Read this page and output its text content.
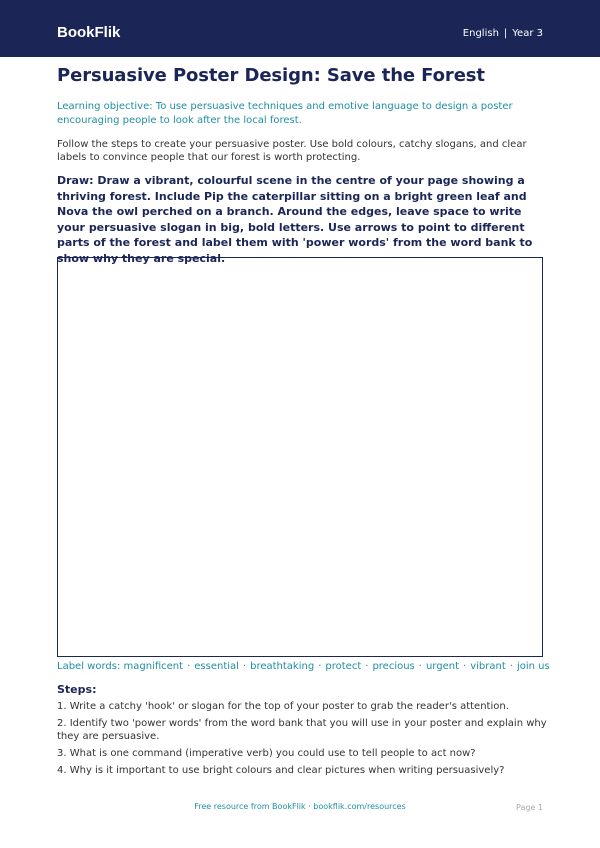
BookFlik	English | Year 3
Persuasive Poster Design: Save the Forest

Learning objective: To use persuasive techniques and emotive language to design a poster encouraging people to look after the local forest.

Follow the steps to create your persuasive poster. Use bold colours, catchy slogans, and clear labels to convince people that our forest is worth protecting.

Draw: Draw a vibrant, colourful scene in the centre of your page showing a thriving forest. Include Pip the caterpillar sitting on a bright green leaf and Nova the owl perched on a branch. Around the edges, leave space to write your persuasive slogan in big, bold letters. Use arrows to point to different parts of the forest and label them with 'power words' from the word bank to show why they are special.

Label words: magnificent · essential · breathtaking · protect · precious · urgent · vibrant · join us

Steps:

1. Write a catchy 'hook' or slogan for the top of your poster to grab the reader's attention.
2. Identify two 'power words' from the word bank that you will use in your poster and explain why they are persuasive.
3. What is one command (imperative verb) you could use to tell people to act now?
4. Why is it important to use bright colours and clear pictures when writing persuasively?
Free resource from BookFlik · bookflik.com/resources	Page 1
